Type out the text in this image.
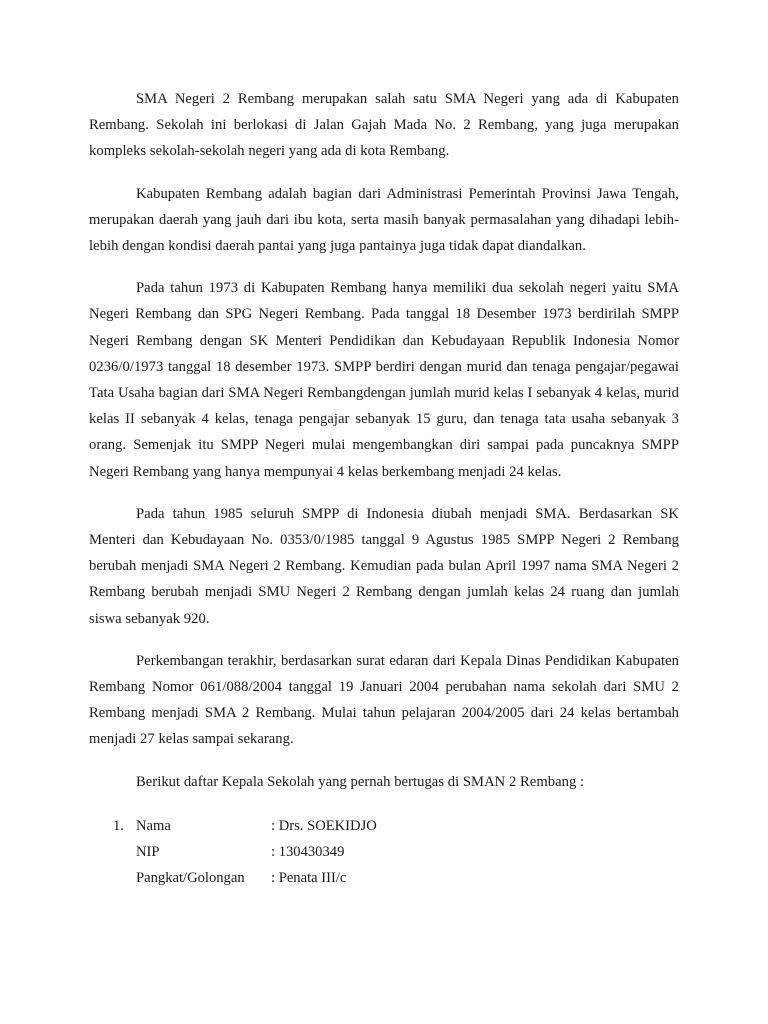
SMA Negeri 2 Rembang merupakan salah satu SMA Negeri yang ada di Kabupaten Rembang. Sekolah ini berlokasi di Jalan Gajah Mada No. 2 Rembang, yang juga merupakan kompleks sekolah-sekolah negeri yang ada di kota Rembang.

Kabupaten Rembang adalah bagian dari Administrasi Pemerintah Provinsi Jawa Tengah, merupakan daerah yang jauh dari ibu kota, serta masih banyak permasalahan yang dihadapi lebih-lebih dengan kondisi daerah pantai yang juga pantainya juga tidak dapat diandalkan.

Pada tahun 1973 di Kabupaten Rembang hanya memiliki dua sekolah negeri yaitu SMA Negeri Rembang dan SPG Negeri Rembang. Pada tanggal 18 Desember 1973 berdirilah SMPP Negeri Rembang dengan SK Menteri Pendidikan dan Kebudayaan Republik Indonesia Nomor 0236/0/1973 tanggal 18 desember 1973. SMPP berdiri dengan murid dan tenaga pengajar/pegawai Tata Usaha bagian dari SMA Negeri Rembangdengan jumlah murid kelas I sebanyak 4 kelas, murid kelas II sebanyak 4 kelas, tenaga pengajar sebanyak 15 guru, dan tenaga tata usaha sebanyak 3 orang. Semenjak itu SMPP Negeri mulai mengembangkan diri sampai pada puncaknya SMPP Negeri Rembang yang hanya mempunyai 4 kelas berkembang menjadi 24 kelas.

Pada tahun 1985 seluruh SMPP di Indonesia diubah menjadi SMA. Berdasarkan SK Menteri dan Kebudayaan No. 0353/0/1985 tanggal 9 Agustus 1985 SMPP Negeri 2 Rembang berubah menjadi SMA Negeri 2 Rembang. Kemudian pada bulan April 1997 nama SMA Negeri 2 Rembang berubah menjadi SMU Negeri 2 Rembang dengan jumlah kelas 24 ruang dan jumlah siswa sebanyak 920.

Perkembangan terakhir, berdasarkan surat edaran dari Kepala Dinas Pendidikan Kabupaten Rembang Nomor 061/088/2004 tanggal 19 Januari 2004 perubahan nama sekolah dari SMU 2 Rembang menjadi SMA 2 Rembang. Mulai tahun pelajaran 2004/2005 dari 24 kelas bertambah menjadi 27 kelas sampai sekarang.

Berikut daftar Kepala Sekolah yang pernah bertugas di SMAN 2 Rembang :

1. Nama	: Drs. SOEKIDJO
NIP	: 130430349
Pangkat/Golongan	: Penata III/c
